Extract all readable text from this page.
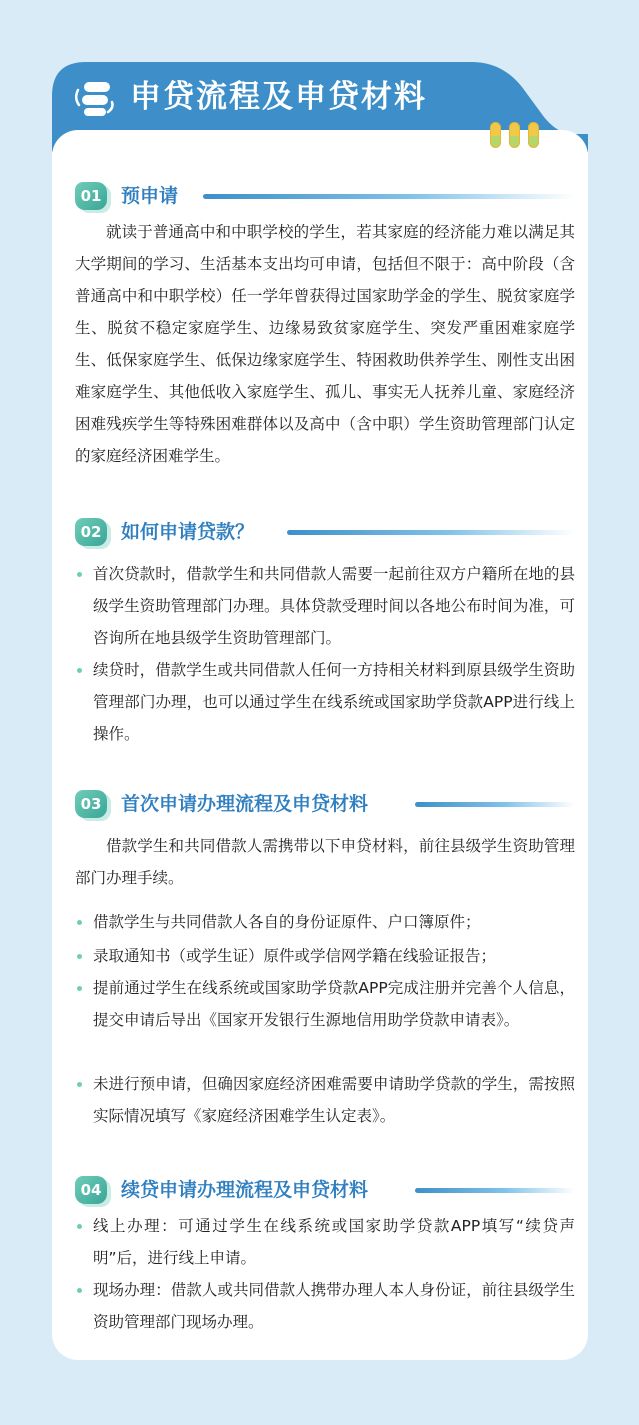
申贷流程及申贷材料
01 预申请
就读于普通高中和中职学校的学生，若其家庭的经济能力难以满足其大学期间的学习、生活基本支出均可申请，包括但不限于：高中阶段（含普通高中和中职学校）任一学年曾获得过国家助学金的学生、脱贫家庭学生、脱贫不稳定家庭学生、边缘易致贫家庭学生、突发严重困难家庭学生、低保家庭学生、低保边缘家庭学生、特困救助供养学生、刚性支出困难家庭学生、其他低收入家庭学生、孤儿、事实无人抚养儿童、家庭经济困难残疾学生等特殊困难群体以及高中（含中职）学生资助管理部门认定的家庭经济困难学生。
02 如何申请贷款？
首次贷款时，借款学生和共同借款人需要一起前往双方户籍所在地的县级学生资助管理部门办理。具体贷款受理时间以各地公布时间为准，可咨询所在地县级学生资助管理部门。
续贷时，借款学生或共同借款人任何一方持相关材料到原县级学生资助管理部门办理，也可以通过学生在线系统或国家助学贷款APP进行线上操作。
03 首次申请办理流程及申贷材料
借款学生和共同借款人需携带以下申贷材料，前往县级学生资助管理部门办理手续。
借款学生与共同借款人各自的身份证原件、户口簿原件；
录取通知书（或学生证）原件或学信网学籍在线验证报告；
提前通过学生在线系统或国家助学贷款APP完成注册并完善个人信息，提交申请后导出《国家开发银行生源地信用助学贷款申请表》。
未进行预申请，但确因家庭经济困难需要申请助学贷款的学生，需按照实际情况填写《家庭经济困难学生认定表》。
04 续贷申请办理流程及申贷材料
线上办理：可通过学生在线系统或国家助学贷款APP填写“续贷声明”后，进行线上申请。
现场办理：借款人或共同借款人携带办理人本人身份证，前往县级学生资助管理部门现场办理。
